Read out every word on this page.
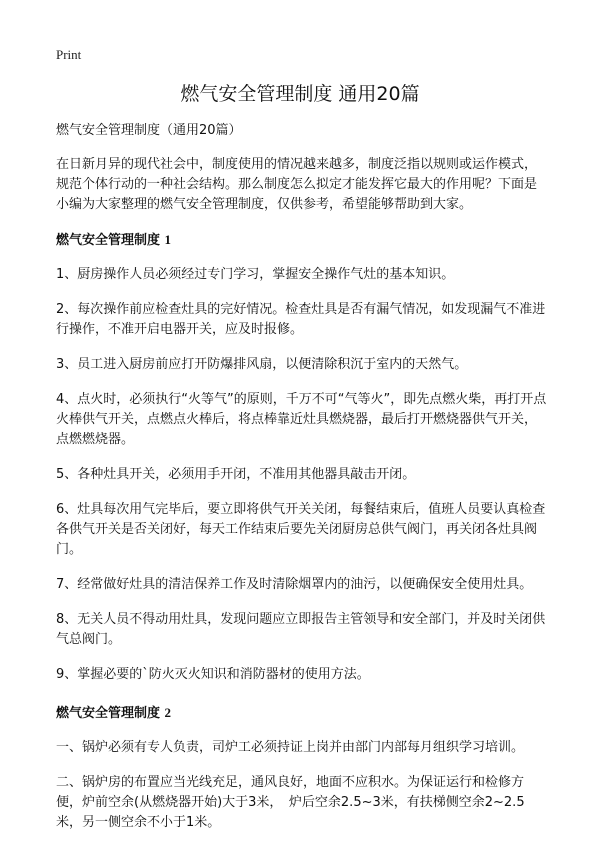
Print
燃气安全管理制度 通用20篇

燃气安全管理制度（通用20篇）

在日新月异的现代社会中，制度使用的情况越来越多，制度泛指以规则或运作模式，规范个体行动的一种社会结构。那么制度怎么拟定才能发挥它最大的作用呢？下面是小编为大家整理的燃气安全管理制度，仅供参考，希望能够帮助到大家。

燃气安全管理制度 1

1、厨房操作人员必须经过专门学习，掌握安全操作气灶的基本知识。

2、每次操作前应检查灶具的完好情况。检查灶具是否有漏气情况，如发现漏气不准进行操作，不准开启电器开关，应及时报修。

3、员工进入厨房前应打开防爆排风扇，以便清除积沉于室内的天然气。

4、点火时，必须执行“火等气”的原则，千万不可“气等火”，即先点燃火柴，再打开点火棒供气开关，点燃点火棒后，将点棒靠近灶具燃烧器，最后打开燃烧器供气开关，点燃燃烧器。

5、各种灶具开关，必须用手开闭，不准用其他器具敲击开闭。

6、灶具每次用气完毕后，要立即将供气开关关闭，每餐结束后，值班人员要认真检查各供气开关是否关闭好，每天工作结束后要先关闭厨房总供气阀门，再关闭各灶具阀门。

7、经常做好灶具的清洁保养工作及时清除烟罩内的油污，以便确保安全使用灶具。

8、无关人员不得动用灶具，发现问题应立即报告主管领导和安全部门，并及时关闭供气总阀门。

9、掌握必要的`防火灭火知识和消防器材的使用方法。

燃气安全管理制度 2

一、锅炉必须有专人负责，司炉工必须持证上岗并由部门内部每月组织学习培训。

二、锅炉房的布置应当光线充足，通风良好，地面不应积水。为保证运行和检修方便，炉前空余(从燃烧器开始)大于3米，　炉后空余2.5~3米，有扶梯侧空余2~2.5米，另一侧空余不小于1米。
